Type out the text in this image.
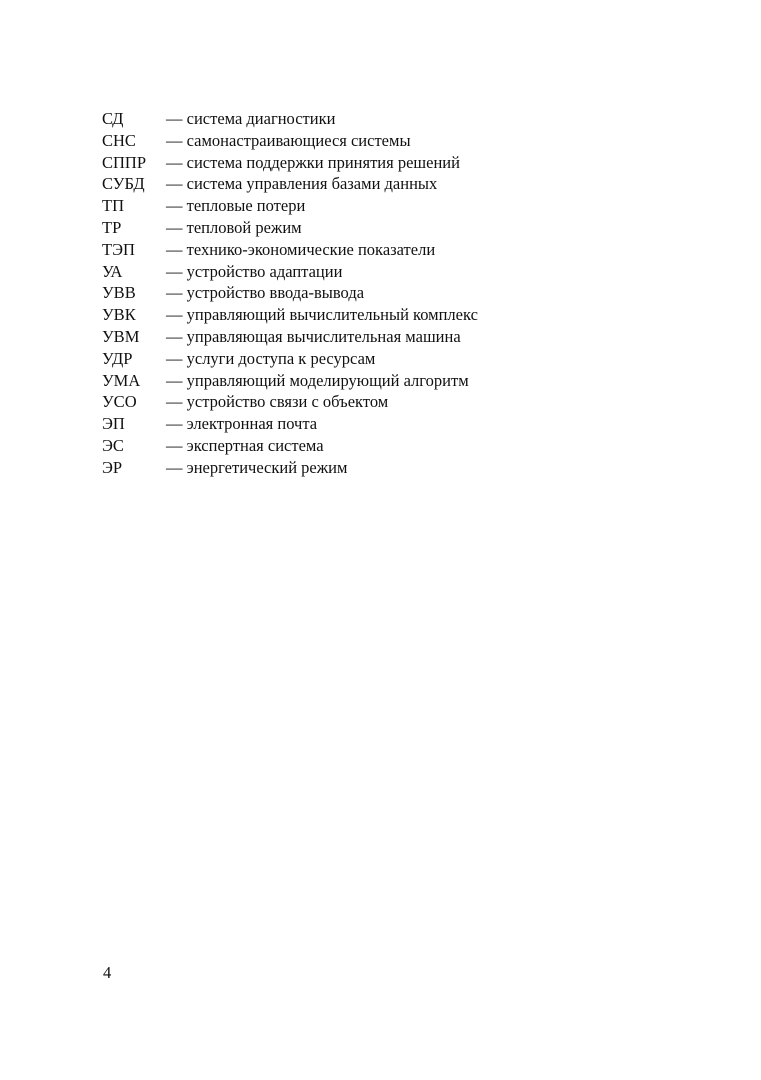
СД	— система диагностики
СНС	— самонастраивающиеся системы
СППР	— система поддержки принятия решений
СУБД	— система управления базами данных
ТП	— тепловые потери
ТР	— тепловой режим
ТЭП	— технико-экономические показатели
УА	— устройство адаптации
УВВ	— устройство ввода-вывода
УВК	— управляющий вычислительный комплекс
УВМ	— управляющая вычислительная машина
УДР	— услуги доступа к ресурсам
УМА	— управляющий моделирующий алгоритм
УСО	— устройство связи с объектом
ЭП	— электронная почта
ЭС	— экспертная система
ЭР	— энергетический режим
4
